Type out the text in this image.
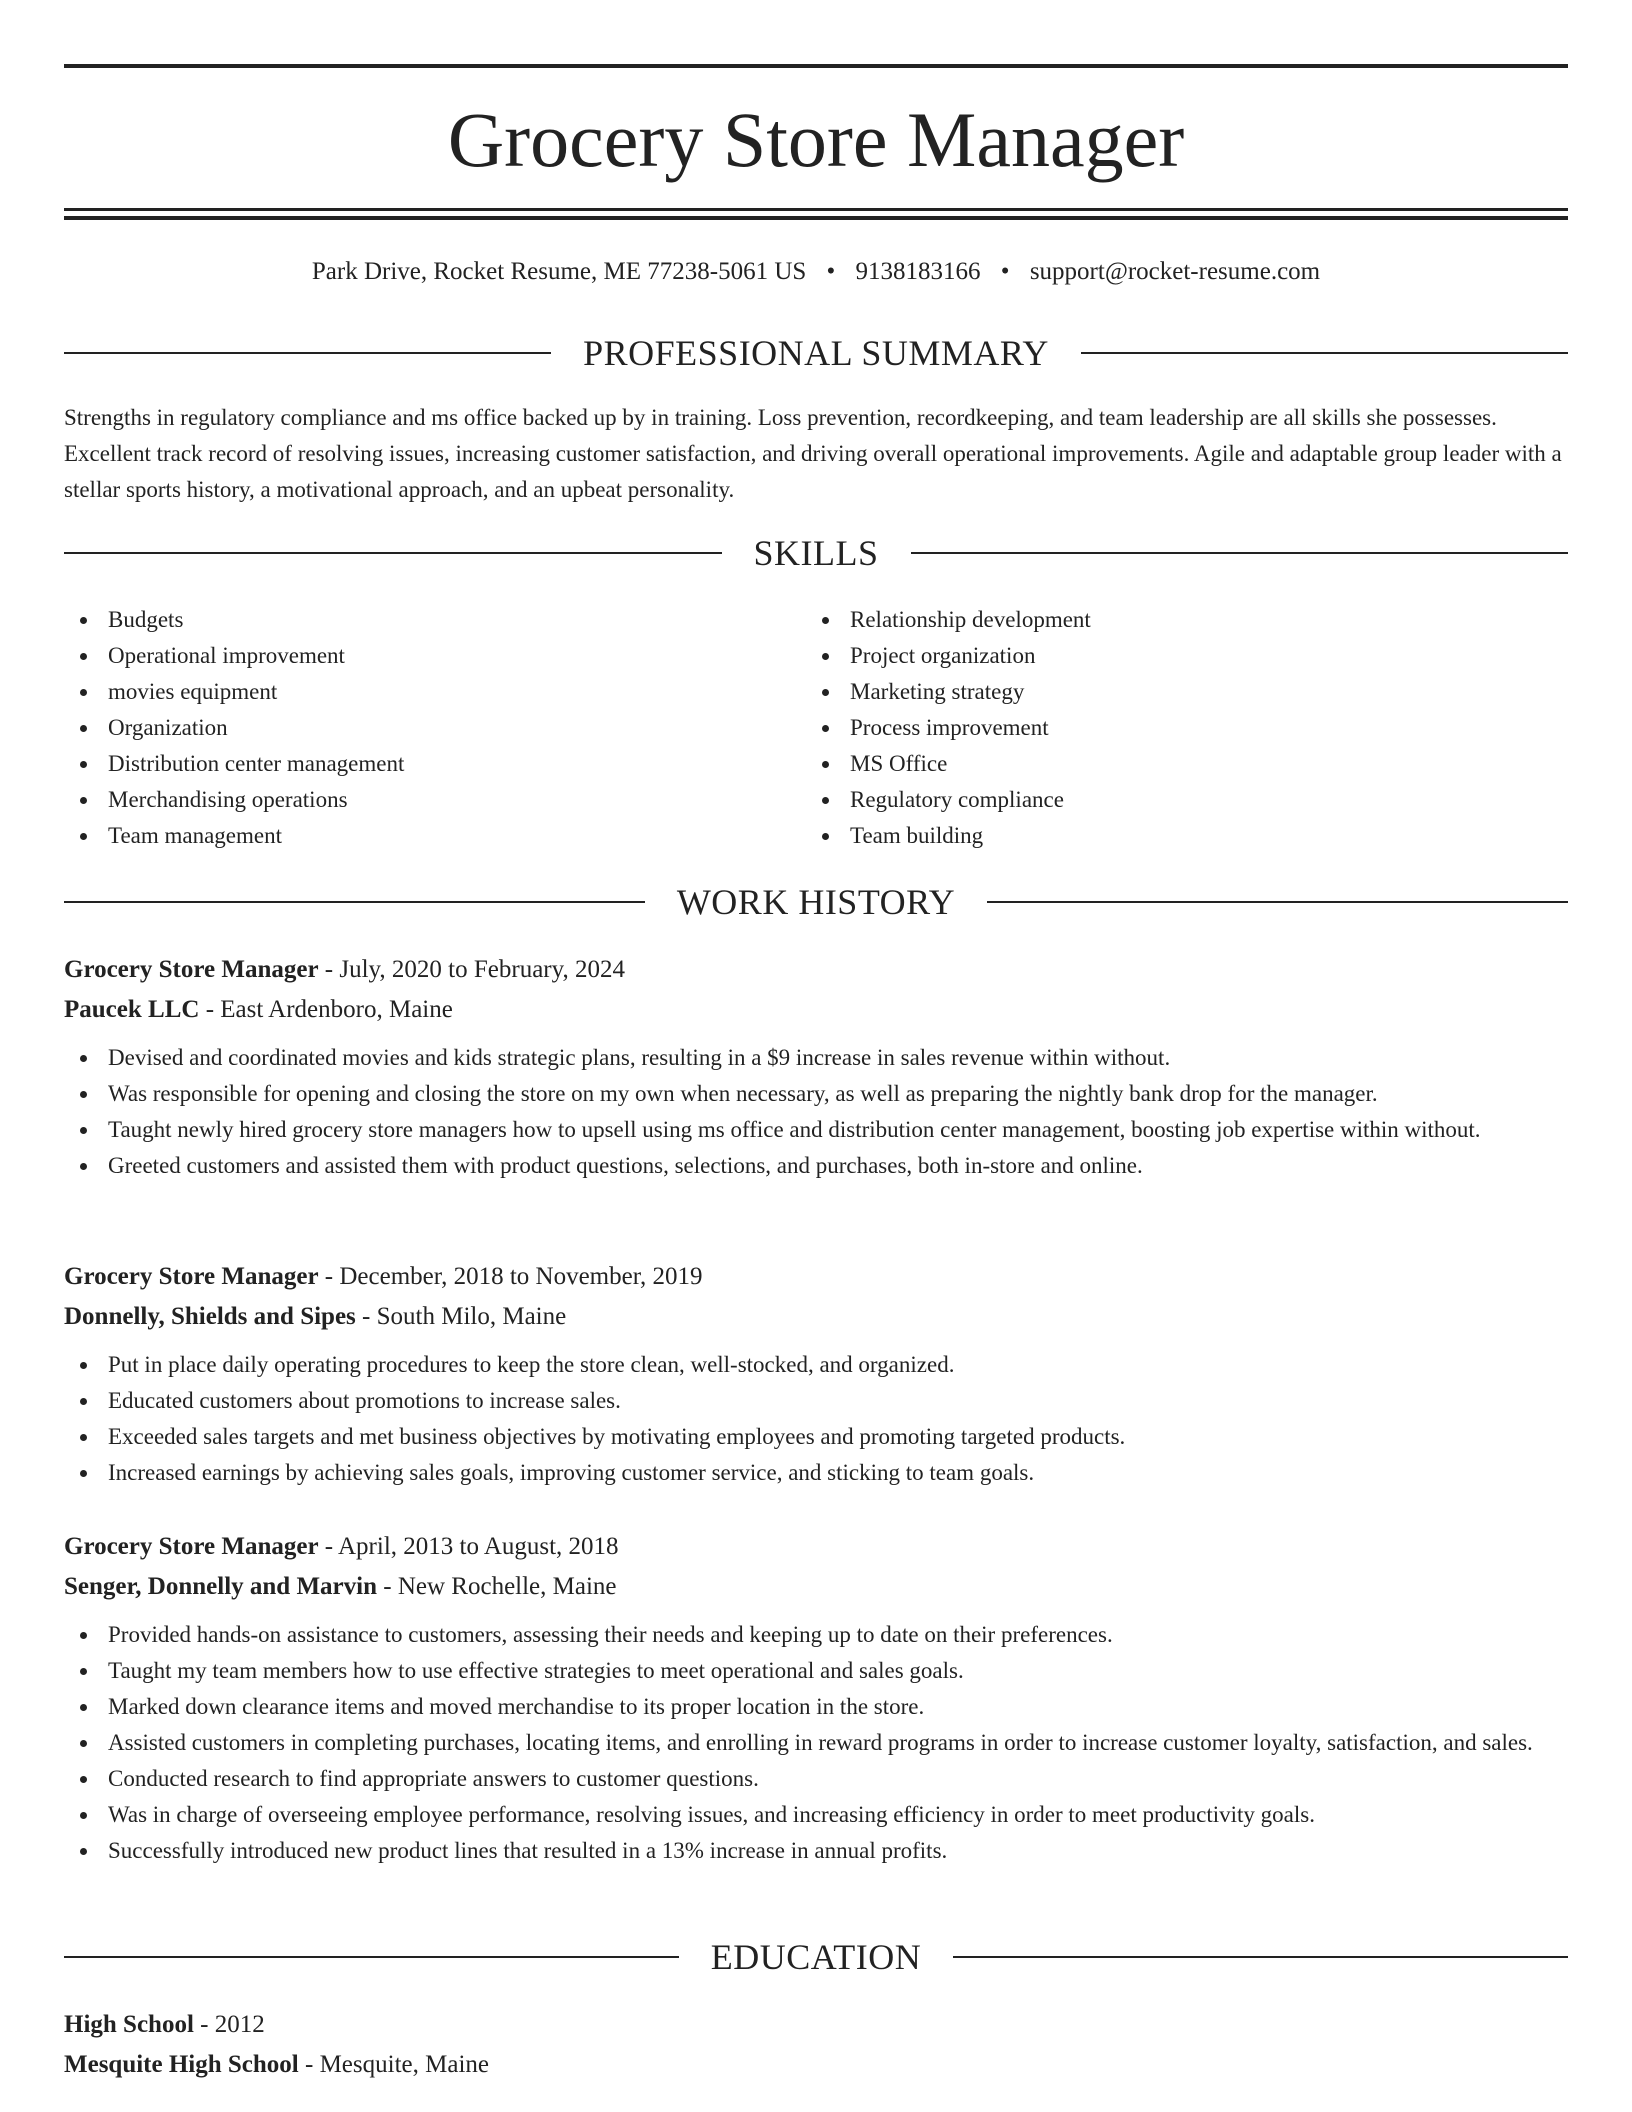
Grocery Store Manager
Park Drive, Rocket Resume, ME 77238-5061 US • 9138183166 • support@rocket-resume.com
PROFESSIONAL SUMMARY

Strengths in regulatory compliance and ms office backed up by in training. Loss prevention, recordkeeping, and team leadership are all skills she possesses. Excellent track record of resolving issues, increasing customer satisfaction, and driving overall operational improvements. Agile and adaptable group leader with a stellar sports history, a motivational approach, and an upbeat personality.

SKILLS
Budgets
Operational improvement
movies equipment
Organization
Distribution center management
Merchandising operations
Team management
Relationship development
Project organization
Marketing strategy
Process improvement
MS Office
Regulatory compliance
Team building
WORK HISTORY
Grocery Store Manager - July, 2020 to February, 2024
Paucek LLC - East Ardenboro, Maine
Devised and coordinated movies and kids strategic plans, resulting in a $9 increase in sales revenue within without.
Was responsible for opening and closing the store on my own when necessary, as well as preparing the nightly bank drop for the manager.
Taught newly hired grocery store managers how to upsell using ms office and distribution center management, boosting job expertise within without.
Greeted customers and assisted them with product questions, selections, and purchases, both in-store and online.
Grocery Store Manager - December, 2018 to November, 2019
Donnelly, Shields and Sipes - South Milo, Maine
Put in place daily operating procedures to keep the store clean, well-stocked, and organized.
Educated customers about promotions to increase sales.
Exceeded sales targets and met business objectives by motivating employees and promoting targeted products.
Increased earnings by achieving sales goals, improving customer service, and sticking to team goals.
Grocery Store Manager - April, 2013 to August, 2018
Senger, Donnelly and Marvin - New Rochelle, Maine
Provided hands-on assistance to customers, assessing their needs and keeping up to date on their preferences.
Taught my team members how to use effective strategies to meet operational and sales goals.
Marked down clearance items and moved merchandise to its proper location in the store.
Assisted customers in completing purchases, locating items, and enrolling in reward programs in order to increase customer loyalty, satisfaction, and sales.
Conducted research to find appropriate answers to customer questions.
Was in charge of overseeing employee performance, resolving issues, and increasing efficiency in order to meet productivity goals.
Successfully introduced new product lines that resulted in a 13% increase in annual profits.
EDUCATION
High School - 2012
Mesquite High School - Mesquite, Maine
